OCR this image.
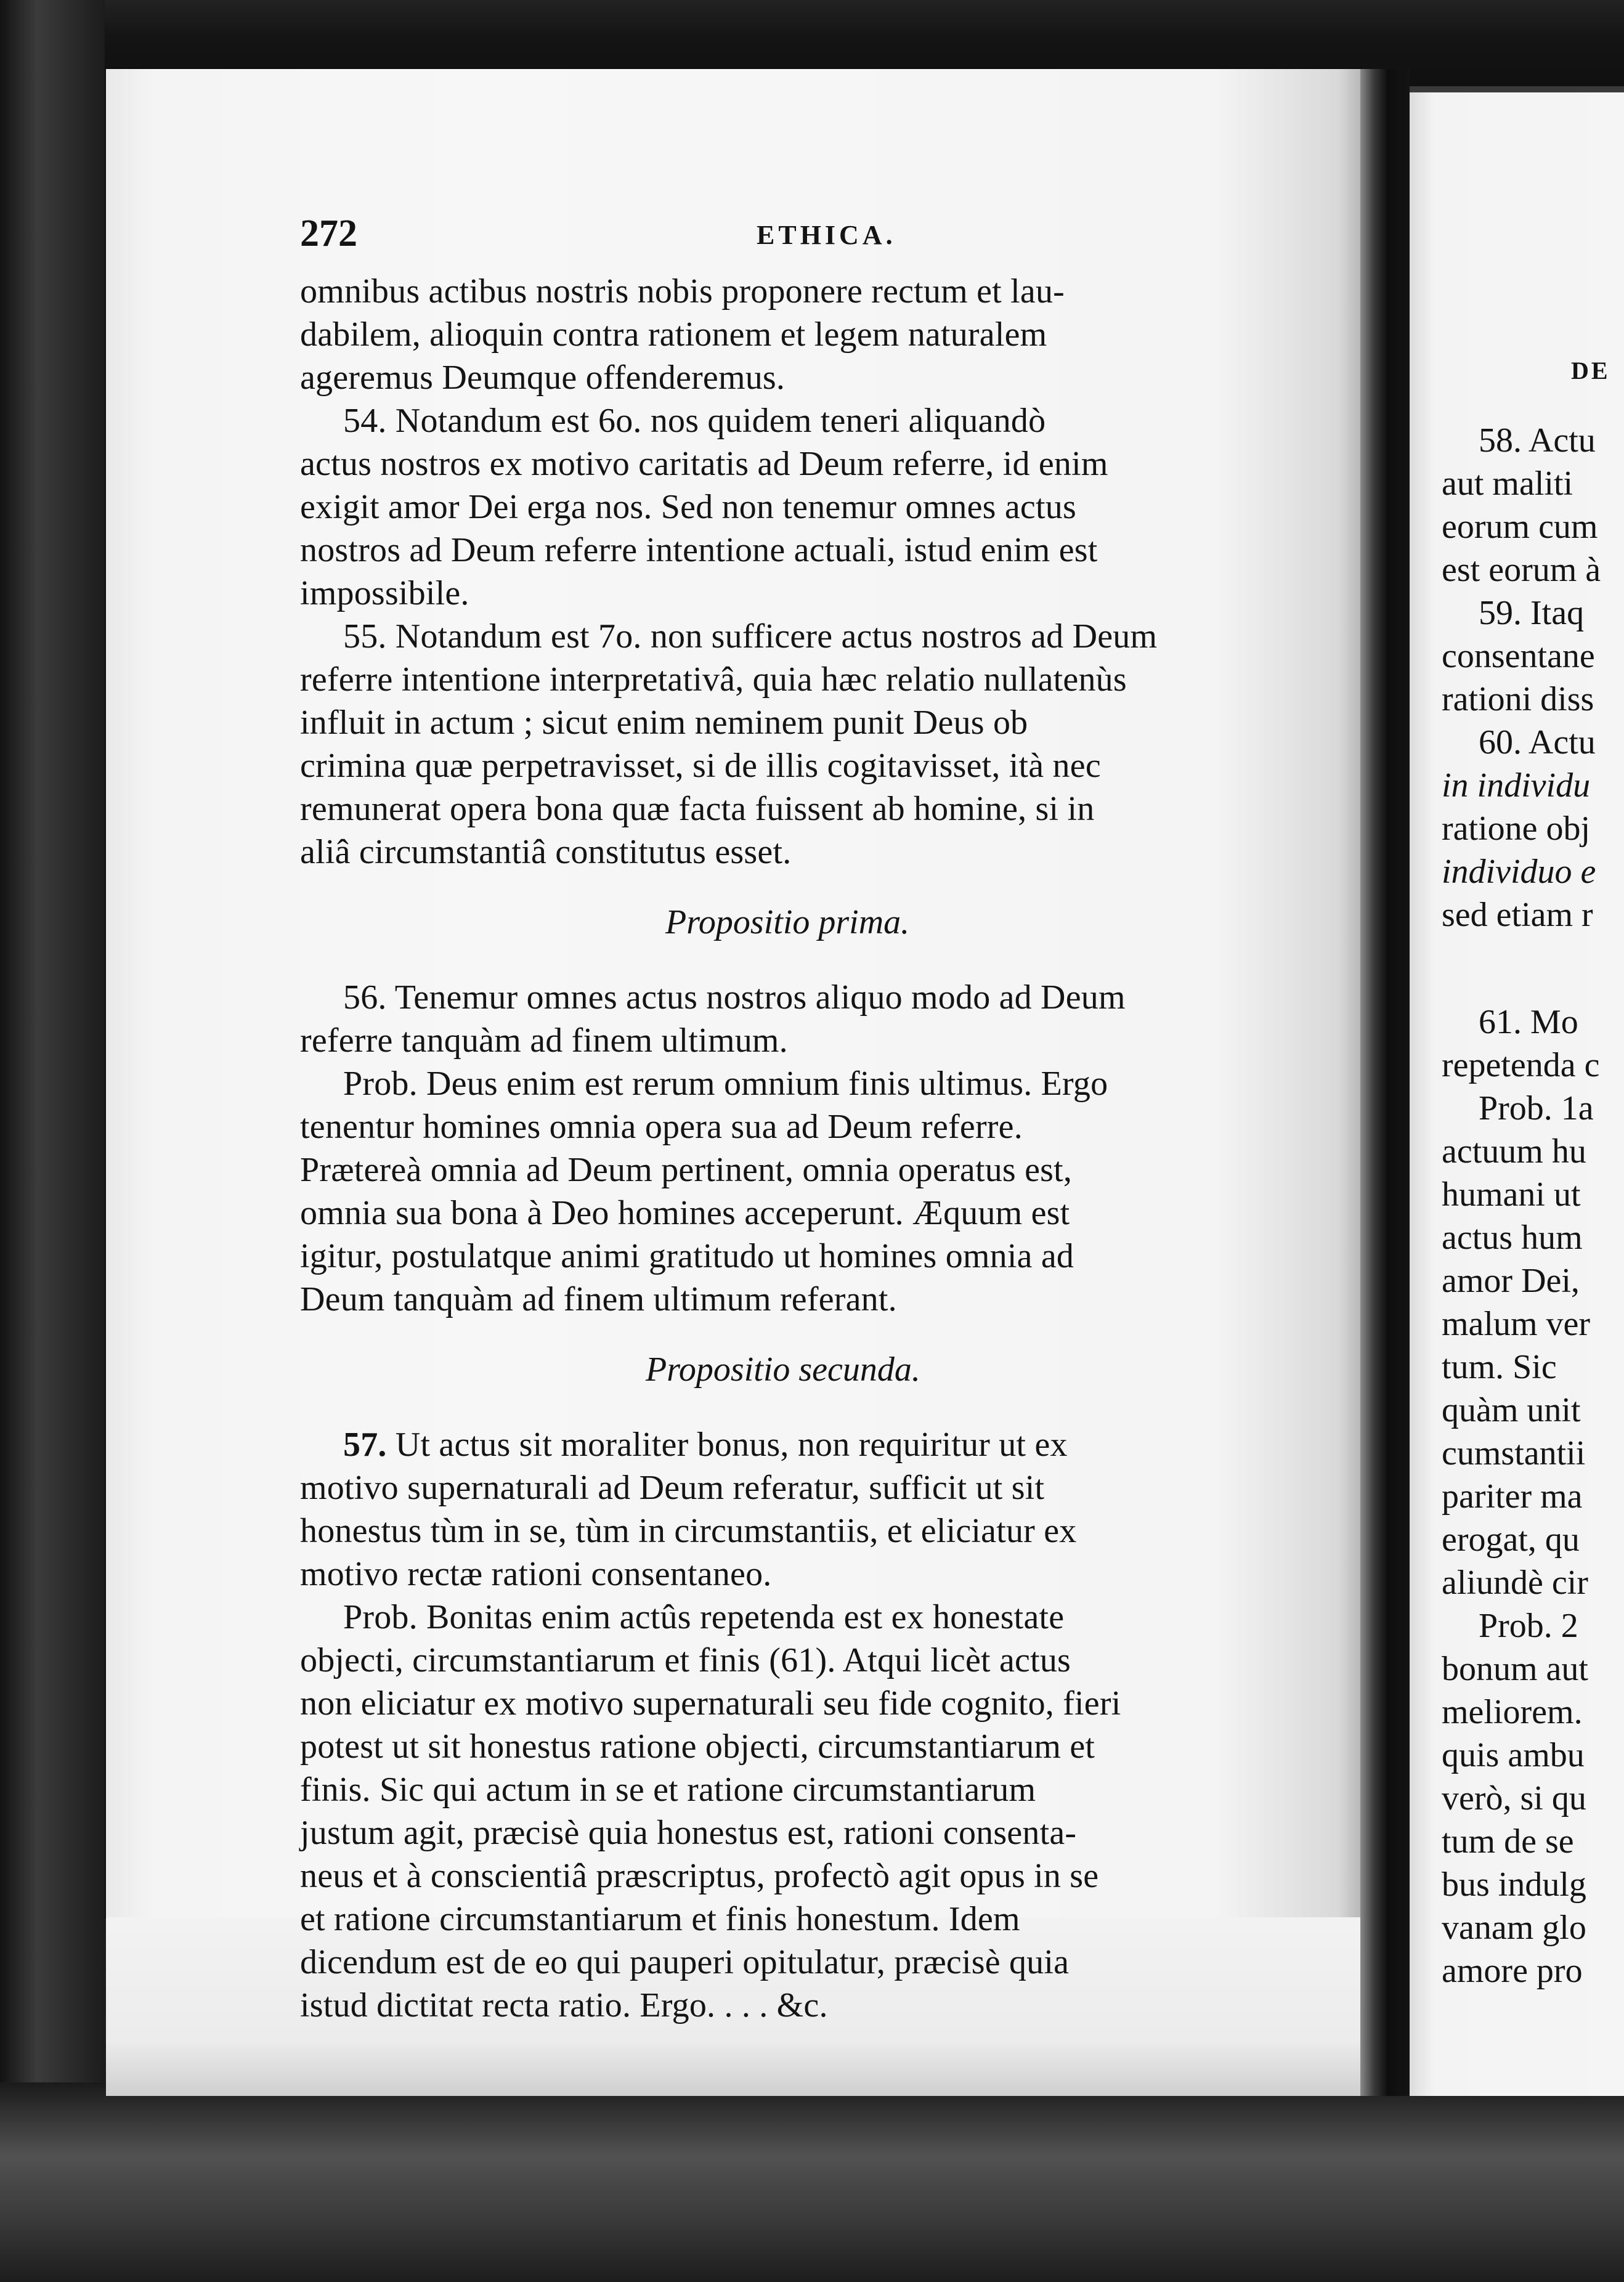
272	ETHICA.
omnibus actibus nostris nobis proponere rectum et lau-
dabilem, alioquin contra rationem et legem naturalem
ageremus Deumque offenderemus.
54. Notandum est 6o. nos quidem teneri aliquandò
actus nostros ex motivo caritatis ad Deum referre, id enim
exigit amor Dei erga nos. Sed non tenemur omnes actus
nostros ad Deum referre intentione actuali, istud enim est
impossibile.
55. Notandum est 7o. non sufficere actus nostros ad Deum
referre intentione interpretativâ, quia hæc relatio nullatenùs
influit in actum ; sicut enim neminem punit Deus ob
crimina quæ perpetravisset, si de illis cogitavisset, ità nec
remunerat opera bona quæ facta fuissent ab homine, si in
aliâ circumstantiâ constitutus esset.
Propositio prima.
56. Tenemur omnes actus nostros aliquo modo ad Deum
referre tanquàm ad finem ultimum.
Prob. Deus enim est rerum omnium finis ultimus. Ergo
tenentur homines omnia opera sua ad Deum referre.
Prætereà omnia ad Deum pertinent, omnia operatus est,
omnia sua bona à Deo homines acceperunt. Æquum est
igitur, postulatque animi gratitudo ut homines omnia ad
Deum tanquàm ad finem ultimum referant.
Propositio secunda.
57. Ut actus sit moraliter bonus, non requiritur ut ex
motivo supernaturali ad Deum referatur, sufficit ut sit
honestus tùm in se, tùm in circumstantiis, et eliciatur ex
motivo rectæ rationi consentaneo.
Prob. Bonitas enim actûs repetenda est ex honestate
objecti, circumstantiarum et finis (61). Atqui licèt actus
non eliciatur ex motivo supernaturali seu fide cognito, fieri
potest ut sit honestus ratione objecti, circumstantiarum et
finis. Sic qui actum in se et ratione circumstantiarum
justum agit, præcisè quia honestus est, rationi consenta-
neus et à conscientiâ præscriptus, profectò agit opus in se
et ratione circumstantiarum et finis honestum. Idem
dicendum est de eo qui pauperi opitulatur, præcisè quia
istud dictitat recta ratio. Ergo. . . . &c.
DE
58. Actu
aut maliti
eorum cum
est eorum à
59. Itaq
consentane
rationi diss
60. Actu
in individu
ratione obj
individuo e
sed etiam r
61. Mo
repetenda c
Prob. 1a
actuum hu
humani ut
actus hum
amor Dei,
malum ver
tum. Sic
quàm unit
cumstantii
pariter ma
erogat, qu
aliundè cir
Prob. 2
bonum aut
meliorem.
quis ambu
verò, si qu
tum de se
bus indulg
vanam glo
amore pro
